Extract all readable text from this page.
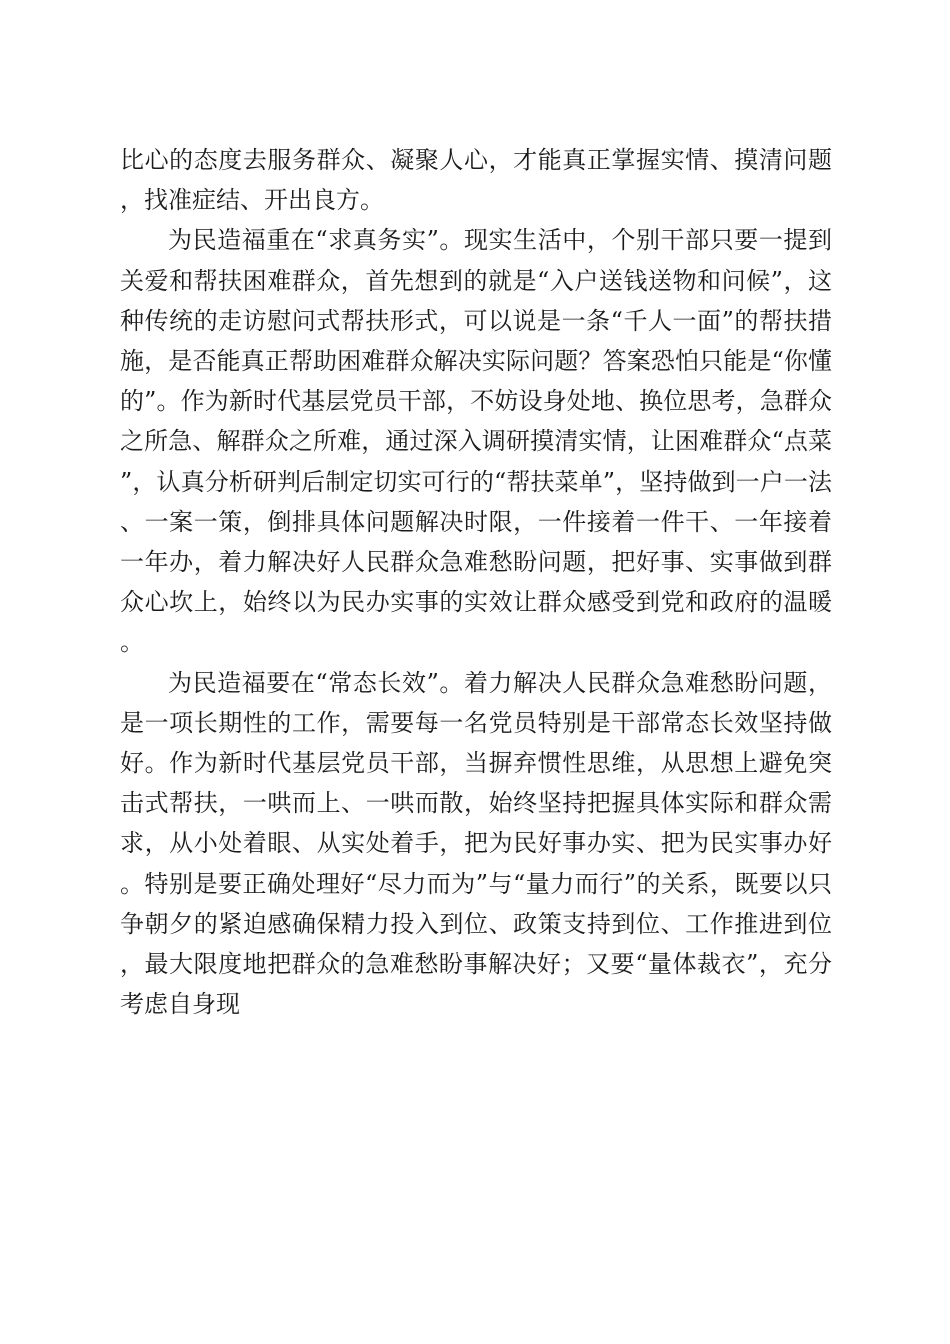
比心的态度去服务群众、凝聚人心，才能真正掌握实情、摸清问题，找准症结、开出良方。

为民造福重在“求真务实”。现实生活中，个别干部只要一提到关爱和帮扶困难群众，首先想到的就是“入户送钱送物和问候”，这种传统的走访慰问式帮扶形式，可以说是一条“千人一面”的帮扶措施，是否能真正帮助困难群众解决实际问题？答案恐怕只能是“你懂的”。作为新时代基层党员干部，不妨设身处地、换位思考，急群众之所急、解群众之所难，通过深入调研摸清实情，让困难群众“点菜”，认真分析研判后制定切实可行的“帮扶菜单”，坚持做到一户一法、一案一策，倒排具体问题解决时限，一件接着一件干、一年接着一年办，着力解决好人民群众急难愁盼问题，把好事、实事做到群众心坎上，始终以为民办实事的实效让群众感受到党和政府的温暖。

为民造福要在“常态长效”。着力解决人民群众急难愁盼问题，是一项长期性的工作，需要每一名党员特别是干部常态长效坚持做好。作为新时代基层党员干部，当摒弃惯性思维，从思想上避免突击式帮扶，一哄而上、一哄而散，始终坚持把握具体实际和群众需求，从小处着眼、从实处着手，把为民好事办实、把为民实事办好。特别是要正确处理好“尽力而为”与“量力而行”的关系，既要以只争朝夕的紧迫感确保精力投入到位、政策支持到位、工作推进到位，最大限度地把群众的急难愁盼事解决好；又要“量体裁衣”，充分考虑自身现
